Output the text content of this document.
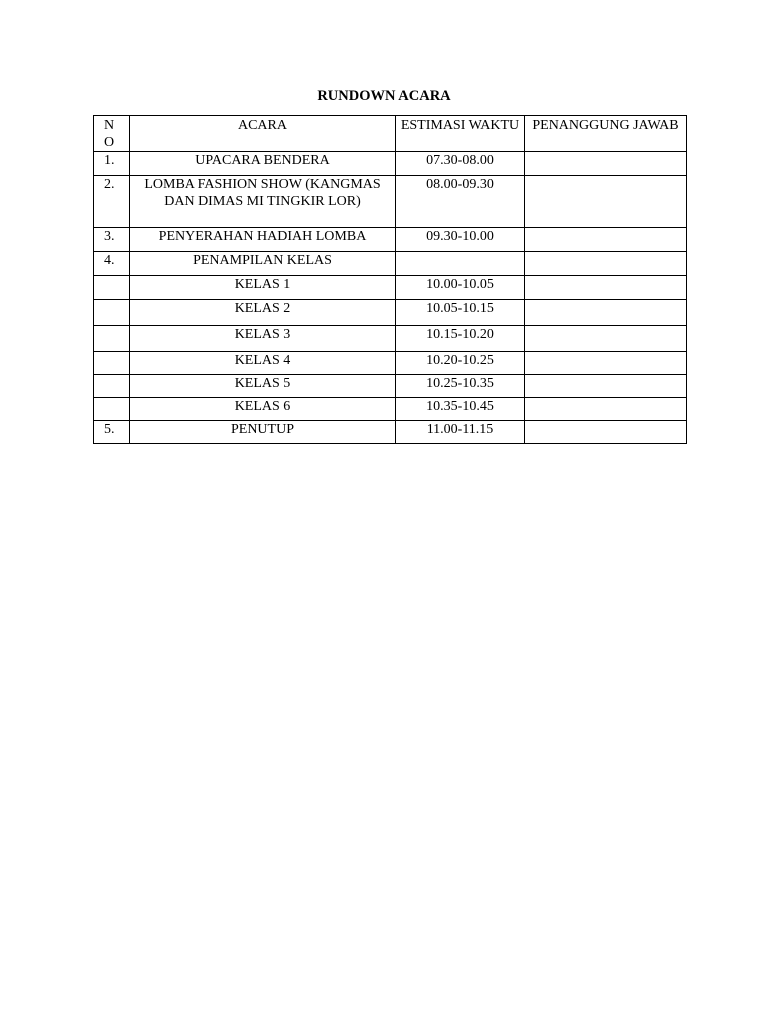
RUNDOWN ACARA
N O	ACARA	ESTIMASI WAKTU	PENANGGUNG JAWAB
1.	UPACARA BENDERA	07.30-08.00	
2.	LOMBA FASHION SHOW (KANGMAS DAN DIMAS MI TINGKIR LOR)	08.00-09.30	
3.	PENYERAHAN HADIAH LOMBA	09.30-10.00	
4.	PENAMPILAN KELAS		
	KELAS 1	10.00-10.05	
	KELAS 2	10.05-10.15	
	KELAS 3	10.15-10.20	
	KELAS 4	10.20-10.25	
	KELAS 5	10.25-10.35	
	KELAS 6	10.35-10.45	
5.	PENUTUP	11.00-11.15	
